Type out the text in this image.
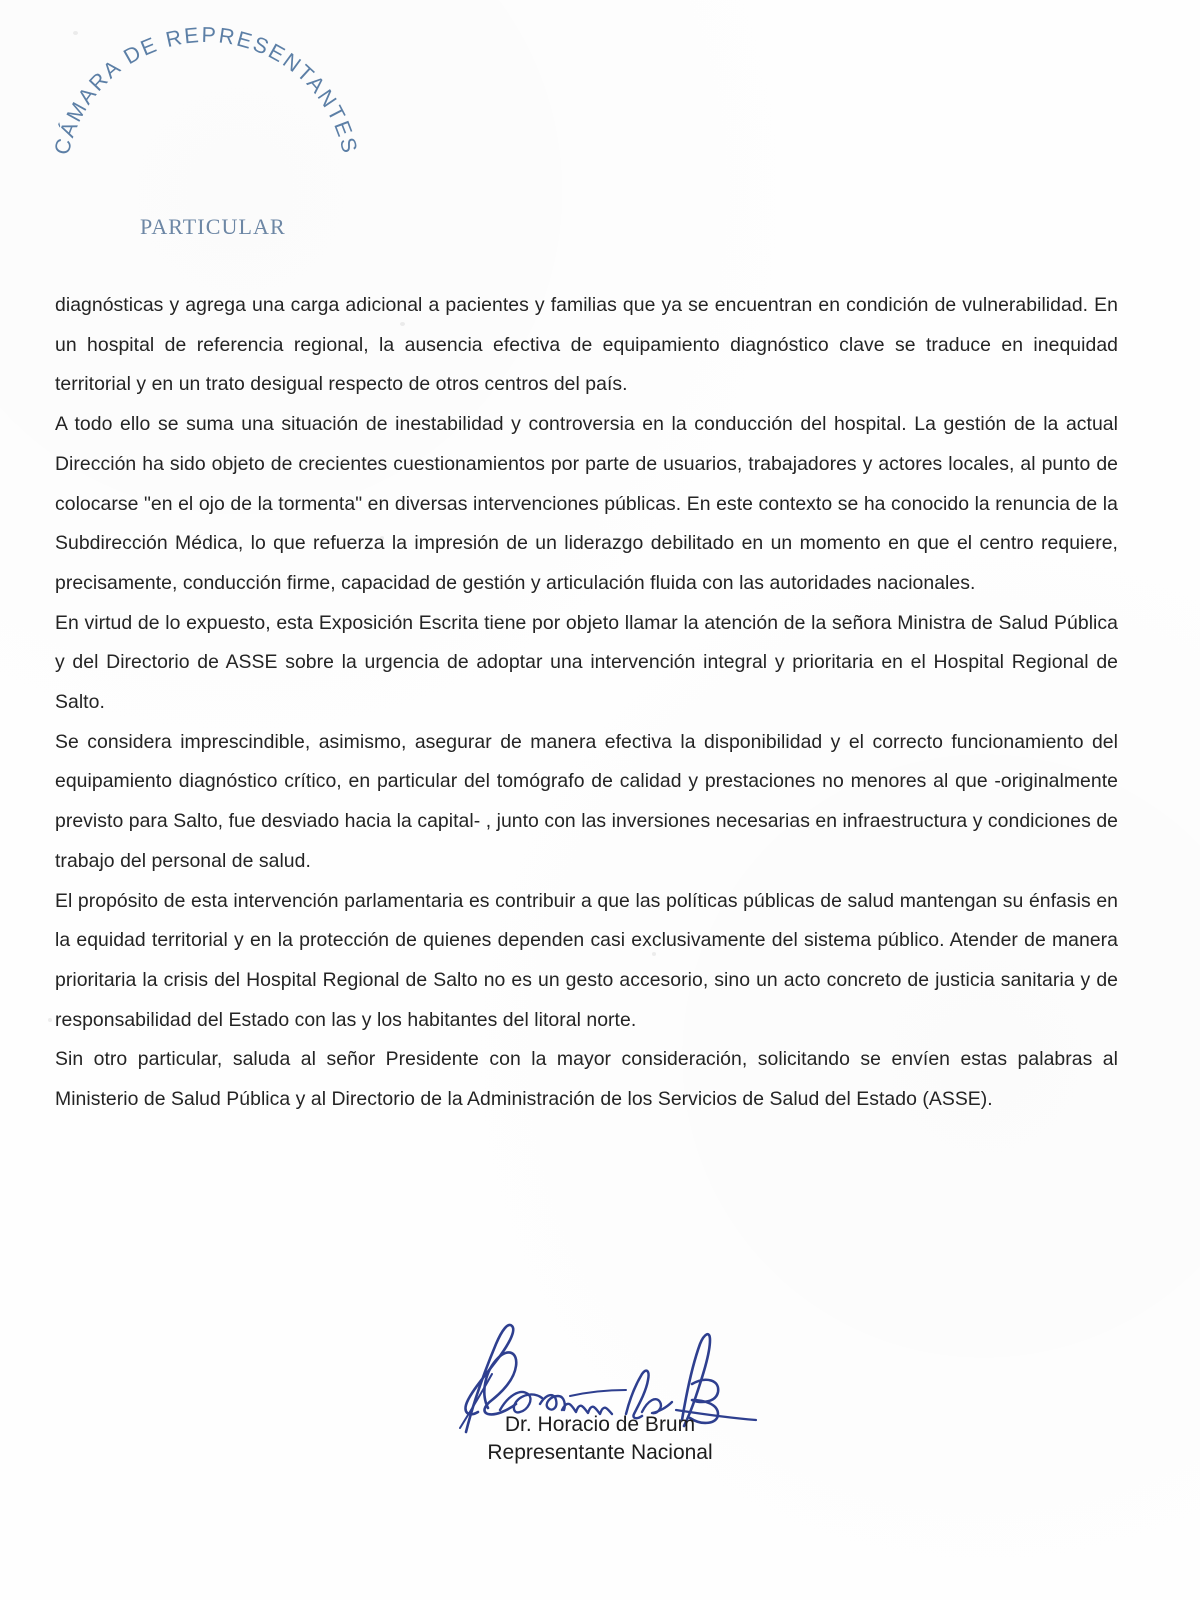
CÁMARA DE REPRESENTANTES
PARTICULAR

diagnósticas y agrega una carga adicional a pacientes y familias que ya se encuentran en condición de vulnerabilidad. En un hospital de referencia regional, la ausencia efectiva de equipamiento diagnóstico clave se traduce en inequidad territorial y en un trato desigual respecto de otros centros del país.

A todo ello se suma una situación de inestabilidad y controversia en la conducción del hospital. La gestión de la actual Dirección ha sido objeto de crecientes cuestionamientos por parte de usuarios, trabajadores y actores locales, al punto de colocarse "en el ojo de la tormenta" en diversas intervenciones públicas. En este contexto se ha conocido la renuncia de la Subdirección Médica, lo que refuerza la impresión de un liderazgo debilitado en un momento en que el centro requiere, precisamente, conducción firme, capacidad de gestión y articulación fluida con las autoridades nacionales.

En virtud de lo expuesto, esta Exposición Escrita tiene por objeto llamar la atención de la señora Ministra de Salud Pública y del Directorio de ASSE sobre la urgencia de adoptar una intervención integral y prioritaria en el Hospital Regional de Salto.

Se considera imprescindible, asimismo, asegurar de manera efectiva la disponibilidad y el correcto funcionamiento del equipamiento diagnóstico crítico, en particular del tomógrafo de calidad y prestaciones no menores al que -originalmente previsto para Salto, fue desviado hacia la capital- , junto con las inversiones necesarias en infraestructura y condiciones de trabajo del personal de salud.

El propósito de esta intervención parlamentaria es contribuir a que las políticas públicas de salud mantengan su énfasis en la equidad territorial y en la protección de quienes dependen casi exclusivamente del sistema público. Atender de manera prioritaria la crisis del Hospital Regional de Salto no es un gesto accesorio, sino un acto concreto de justicia sanitaria y de responsabilidad del Estado con las y los habitantes del litoral norte.

Sin otro particular, saluda al señor Presidente con la mayor consideración, solicitando se envíen estas palabras al Ministerio de Salud Pública y al Directorio de la Administración de los Servicios de Salud del Estado (ASSE).

Dr. Horacio de Brum
Representante Nacional
